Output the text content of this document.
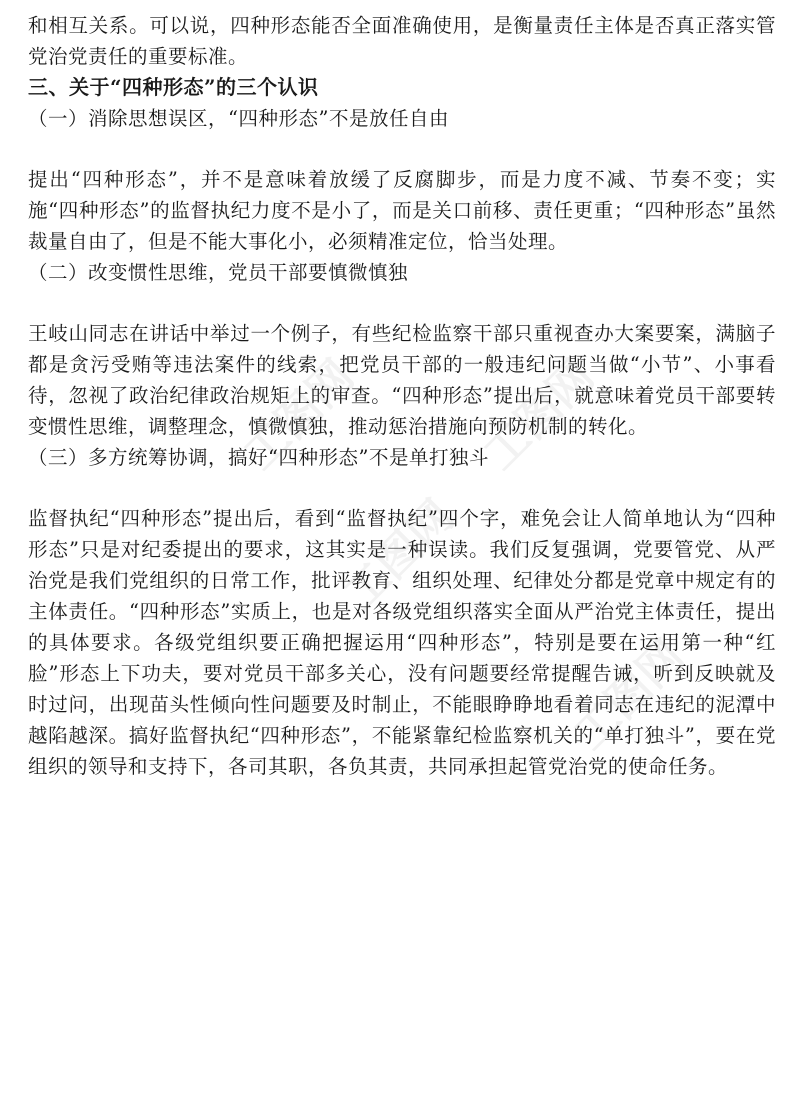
工图网	工图网
工图网
工图网

和相互关系。可以说，四种形态能否全面准确使用，是衡量责任主体是否真正落实管党治党责任的重要标准。

三、关于“四种形态”的三个认识

（一）消除思想误区，“四种形态”不是放任自由

提出“四种形态”，并不是意味着放缓了反腐脚步，而是力度不减、节奏不变；实施“四种形态”的监督执纪力度不是小了，而是关口前移、责任更重；“四种形态”虽然裁量自由了，但是不能大事化小，必须精准定位，恰当处理。

（二）改变惯性思维，党员干部要慎微慎独

王岐山同志在讲话中举过一个例子，有些纪检监察干部只重视查办大案要案，满脑子都是贪污受贿等违法案件的线索，把党员干部的一般违纪问题当做“小节”、小事看待，忽视了政治纪律政治规矩上的审查。“四种形态”提出后，就意味着党员干部要转变惯性思维，调整理念，慎微慎独，推动惩治措施向预防机制的转化。

（三）多方统筹协调，搞好“四种形态”不是单打独斗

监督执纪“四种形态”提出后，看到“监督执纪”四个字，难免会让人简单地认为“四种形态”只是对纪委提出的要求，这其实是一种误读。我们反复强调，党要管党、从严治党是我们党组织的日常工作，批评教育、组织处理、纪律处分都是党章中规定有的主体责任。“四种形态”实质上，也是对各级党组织落实全面从严治党主体责任，提出的具体要求。各级党组织要正确把握运用“四种形态”，特别是要在运用第一种“红脸”形态上下功夫，要对党员干部多关心，没有问题要经常提醒告诫，听到反映就及时过问，出现苗头性倾向性问题要及时制止，不能眼睁睁地看着同志在违纪的泥潭中越陷越深。搞好监督执纪“四种形态”，不能紧靠纪检监察机关的“单打独斗”，要在党组织的领导和支持下，各司其职，各负其责，共同承担起管党治党的使命任务。
